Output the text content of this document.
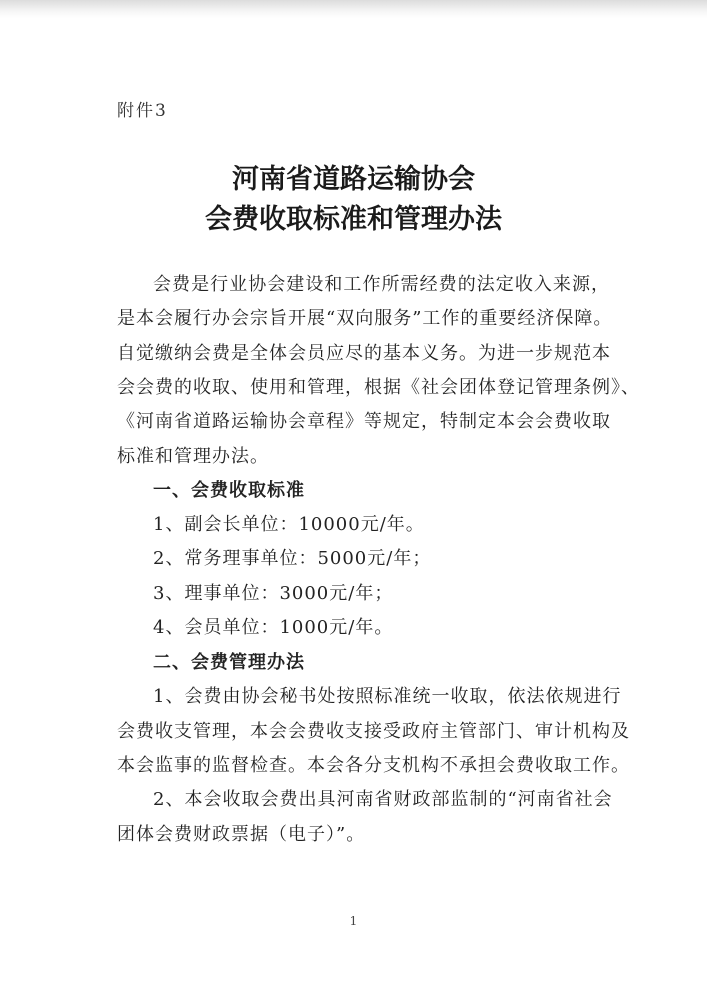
附件3
河南省道路运输协会
会费收取标准和管理办法
会费是行业协会建设和工作所需经费的法定收入来源，
是本会履行办会宗旨开展“双向服务”工作的重要经济保障。
自觉缴纳会费是全体会员应尽的基本义务。为进一步规范本
会会费的收取、使用和管理，根据《社会团体登记管理条例》、
《河南省道路运输协会章程》等规定，特制定本会会费收取
标准和管理办法。
一、会费收取标准
1、副会长单位：10000元/年。
2、常务理事单位：5000元/年；
3、理事单位：3000元/年；
4、会员单位：1000元/年。
二、会费管理办法
1、会费由协会秘书处按照标准统一收取，依法依规进行
会费收支管理，本会会费收支接受政府主管部门、审计机构及
本会监事的监督检查。本会各分支机构不承担会费收取工作。
2、本会收取会费出具河南省财政部监制的“河南省社会
团体会费财政票据（电子）”。
1
